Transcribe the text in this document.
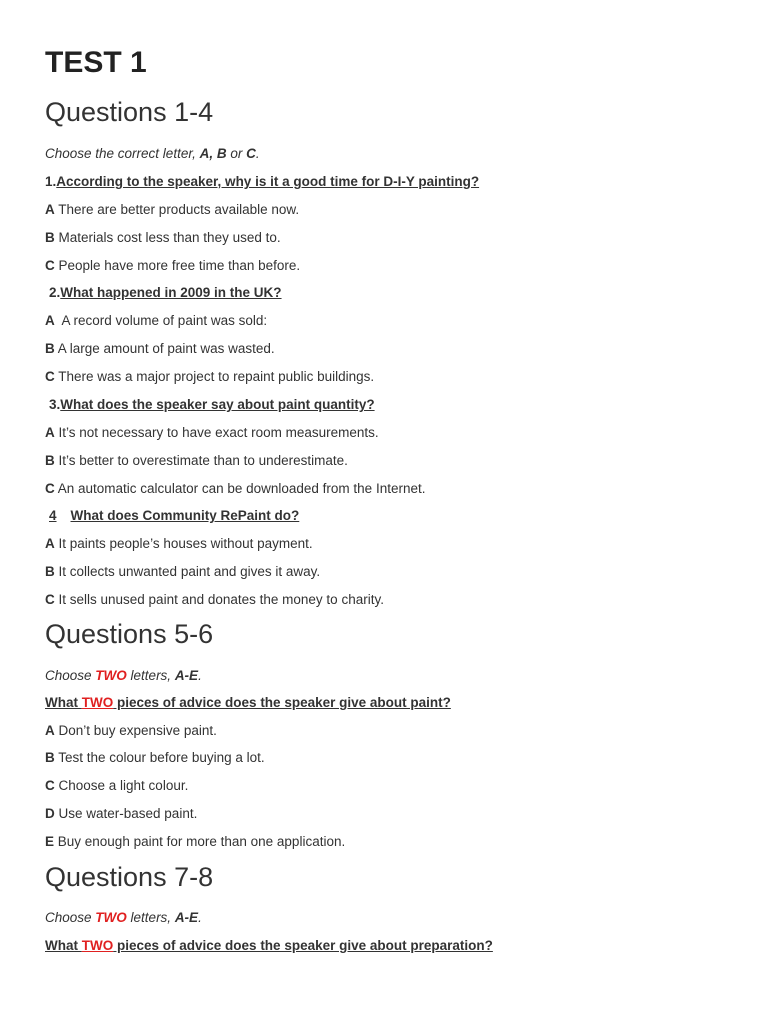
TEST 1
Questions 1-4
Choose the correct letter, A, B or C.
1.According to the speaker, why is it a good time for D-I-Y painting?
A There are better products available now.
B Materials cost less than they used to.
C People have more free time than before.
2.What happened in 2009 in the UK?
A  A record volume of paint was sold:
B A large amount of paint was wasted.
C There was a major project to repaint public buildings.
3.What does the speaker say about paint quantity?
A It’s not necessary to have exact room measurements.
B It’s better to overestimate than to underestimate.
C An automatic calculator can be downloaded from the Internet.
4 What does Community RePaint do?
A It paints people’s houses without payment.
B It collects unwanted paint and gives it away.
C It sells unused paint and donates the money to charity.
Questions 5-6
Choose TWO letters, A-E.
What TWO pieces of advice does the speaker give about paint?
A Don’t buy expensive paint.
B Test the colour before buying a lot.
C Choose a light colour.
D Use water-based paint.
E Buy enough paint for more than one application.
Questions 7-8
Choose TWO letters, A-E.
What TWO pieces of advice does the speaker give about preparation?
